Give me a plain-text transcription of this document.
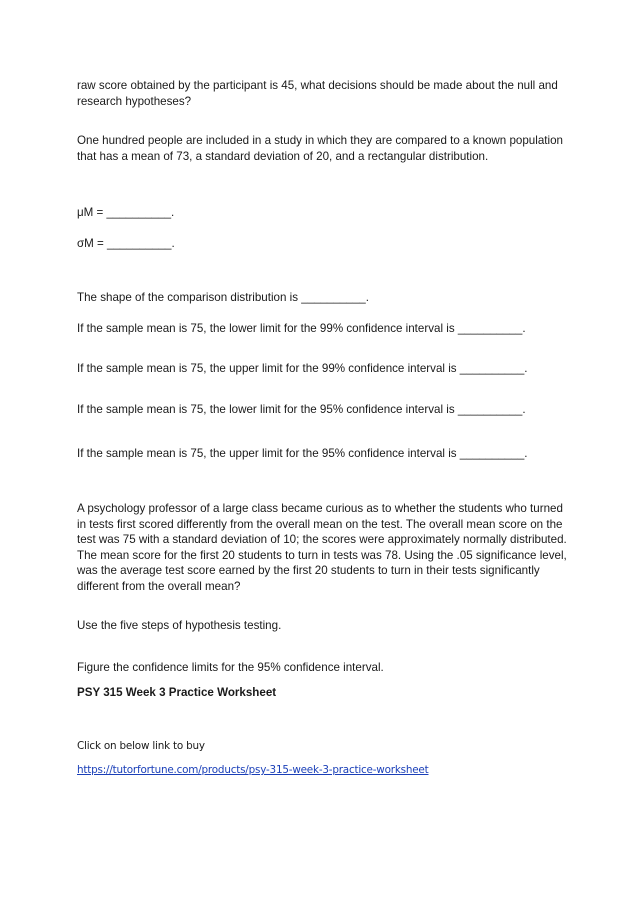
raw score obtained by the participant is 45, what decisions should be made about the null and research hypotheses?
One hundred people are included in a study in which they are compared to a known population that has a mean of 73, a standard deviation of 20, and a rectangular distribution.
μM = __________.
σM = __________.
The shape of the comparison distribution is __________.
If the sample mean is 75, the lower limit for the 99% confidence interval is __________.
If the sample mean is 75, the upper limit for the 99% confidence interval is __________.
If the sample mean is 75, the lower limit for the 95% confidence interval is __________.
If the sample mean is 75, the upper limit for the 95% confidence interval is __________.
A psychology professor of a large class became curious as to whether the students who turned in tests first scored differently from the overall mean on the test. The overall mean score on the test was 75 with a standard deviation of 10; the scores were approximately normally distributed. The mean score for the first 20 students to turn in tests was 78. Using the .05 significance level, was the average test score earned by the first 20 students to turn in their tests significantly different from the overall mean?
Use the five steps of hypothesis testing.
Figure the confidence limits for the 95% confidence interval.
PSY 315 Week 3 Practice Worksheet
Click on below link to buy
https://tutorfortune.com/products/psy-315-week-3-practice-worksheet
